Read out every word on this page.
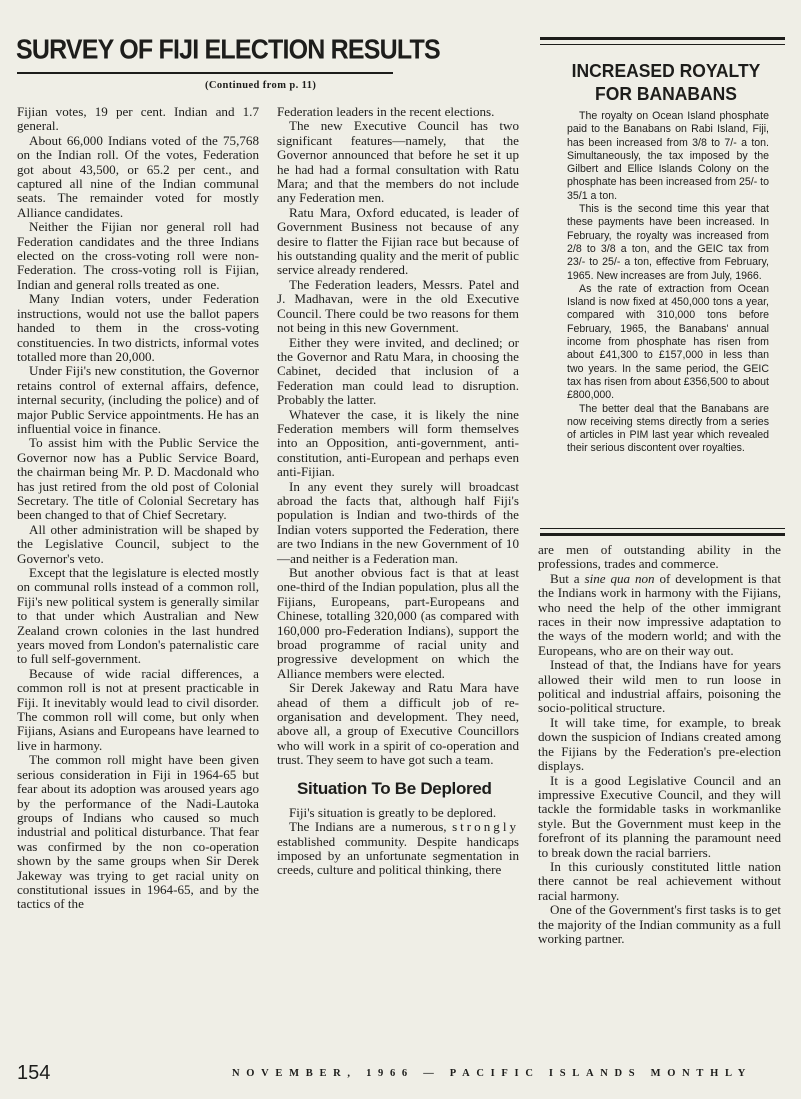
SURVEY OF FIJI ELECTION RESULTS
(Continued from p. 11)
INCREASED ROYALTY
FOR BANABANS

The royalty on Ocean Island phosphate paid to the Banabans on Rabi Island, Fiji, has been increased from 3/8 to 7/- a ton. Simultaneously, the tax imposed by the Gilbert and Ellice Islands Colony on the phosphate has been increased from 25/- to 35/1 a ton.

This is the second time this year that these payments have been increased. In February, the royalty was increased from 2/8 to 3/8 a ton, and the GEIC tax from 23/- to 25/- a ton, effective from February, 1965. New increases are from July, 1966.

As the rate of extraction from Ocean Island is now fixed at 450,000 tons a year, compared with 310,000 tons before February, 1965, the Banabans' annual income from phosphate has risen from about £41,300 to £157,000 in less than two years. In the same period, the GEIC tax has risen from about £356,500 to about £800,000.

The better deal that the Banabans are now receiving stems directly from a series of articles in PIM last year which revealed their serious discontent over royalties.

Fijian votes, 19 per cent. Indian and 1.7 general.

About 66,000 Indians voted of the 75,768 on the Indian roll. Of the votes, Federation got about 43,500, or 65.2 per cent., and captured all nine of the Indian communal seats. The remainder voted for mostly Alliance candidates.

Neither the Fijian nor general roll had Federation candidates and the three Indians elected on the cross-voting roll were non-Federation. The cross-voting roll is Fijian, Indian and general rolls treated as one.

Many Indian voters, under Federation instructions, would not use the ballot papers handed to them in the cross-voting constituencies. In two districts, informal votes totalled more than 20,000.

Under Fiji's new constitution, the Governor retains control of external affairs, defence, internal security, (including the police) and of major Public Service appointments. He has an influential voice in finance.

To assist him with the Public Service the Governor now has a Public Service Board, the chairman being Mr. P. D. Macdonald who has just retired from the old post of Colonial Secretary. The title of Colonial Secretary has been changed to that of Chief Secretary.

All other administration will be shaped by the Legislative Council, subject to the Governor's veto.

Except that the legislature is elected mostly on communal rolls instead of a common roll, Fiji's new political system is generally similar to that under which Australian and New Zealand crown colonies in the last hundred years moved from London's paternalistic care to full self-government.

Because of wide racial differences, a common roll is not at present practicable in Fiji. It inevitably would lead to civil disorder. The common roll will come, but only when Fijians, Asians and Europeans have learned to live in harmony.

The common roll might have been given serious consideration in Fiji in 1964-65 but fear about its adoption was aroused years ago by the performance of the Nadi-Lautoka groups of Indians who caused so much industrial and political disturbance. That fear was confirmed by the non co-operation shown by the same groups when Sir Derek Jakeway was trying to get racial unity on constitutional issues in 1964-65, and by the tactics of the

Federation leaders in the recent elections.

The new Executive Council has two significant features—namely, that the Governor announced that before he set it up he had had a formal consultation with Ratu Mara; and that the members do not include any Federation men.

Ratu Mara, Oxford educated, is leader of Government Business not because of any desire to flatter the Fijian race but because of his outstanding quality and the merit of public service already rendered.

The Federation leaders, Messrs. Patel and J. Madhavan, were in the old Executive Council. There could be two reasons for them not being in this new Government.

Either they were invited, and declined; or the Governor and Ratu Mara, in choosing the Cabinet, decided that inclusion of a Federation man could lead to disruption. Probably the latter.

Whatever the case, it is likely the nine Federation members will form themselves into an Opposition, anti-government, anti-constitution, anti-European and perhaps even anti-Fijian.

In any event they surely will broadcast abroad the facts that, although half Fiji's population is Indian and two-thirds of the Indian voters supported the Federation, there are two Indians in the new Government of 10—and neither is a Federation man.

But another obvious fact is that at least one-third of the Indian population, plus all the Fijians, Europeans, part-Europeans and Chinese, totalling 320,000 (as compared with 160,000 pro-Federation Indians), support the broad programme of racial unity and progressive development on which the Alliance members were elected.

Sir Derek Jakeway and Ratu Mara have ahead of them a difficult job of re-organisation and development. They need, above all, a group of Executive Councillors who will work in a spirit of co-operation and trust. They seem to have got such a team.

Situation To Be Deplored

Fiji's situation is greatly to be deplored.

The Indians are a numerous, strongly established community. Despite handicaps imposed by an unfortunate segmentation in creeds, culture and political thinking, there

are men of outstanding ability in the professions, trades and commerce.

But a sine qua non of development is that the Indians work in harmony with the Fijians, who need the help of the other immigrant races in their now impressive adaptation to the ways of the modern world; and with the Europeans, who are on their way out.

Instead of that, the Indians have for years allowed their wild men to run loose in political and industrial affairs, poisoning the socio-political structure.

It will take time, for example, to break down the suspicion of Indians created among the Fijians by the Federation's pre-election displays.

It is a good Legislative Council and an impressive Executive Council, and they will tackle the formidable tasks in workmanlike style. But the Government must keep in the forefront of its planning the paramount need to break down the racial barriers.

In this curiously constituted little nation there cannot be real achievement without racial harmony.

One of the Government's first tasks is to get the majority of the Indian community as a full working partner.

154	NOVEMBER, 1966 — PACIFIC ISLANDS MONTHLY
